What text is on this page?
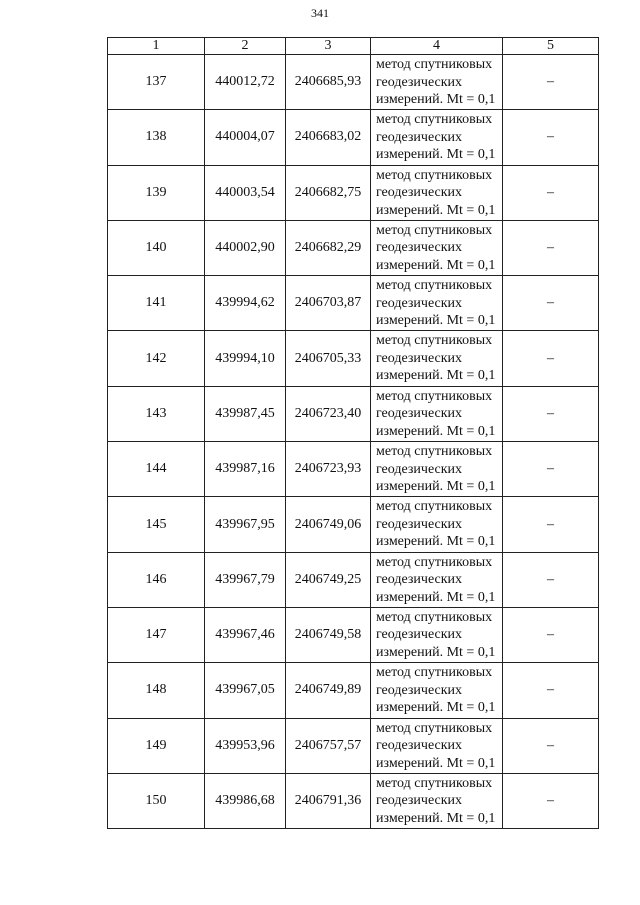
341
1	2	3	4	5
137	440012,72	2406685,93	метод спутниковых
геодезических
измерений. Mt = 0,1	–
138	440004,07	2406683,02	метод спутниковых
геодезических
измерений. Mt = 0,1	–
139	440003,54	2406682,75	метод спутниковых
геодезических
измерений. Mt = 0,1	–
140	440002,90	2406682,29	метод спутниковых
геодезических
измерений. Mt = 0,1	–
141	439994,62	2406703,87	метод спутниковых
геодезических
измерений. Mt = 0,1	–
142	439994,10	2406705,33	метод спутниковых
геодезических
измерений. Mt = 0,1	–
143	439987,45	2406723,40	метод спутниковых
геодезических
измерений. Mt = 0,1	–
144	439987,16	2406723,93	метод спутниковых
геодезических
измерений. Mt = 0,1	–
145	439967,95	2406749,06	метод спутниковых
геодезических
измерений. Mt = 0,1	–
146	439967,79	2406749,25	метод спутниковых
геодезических
измерений. Mt = 0,1	–
147	439967,46	2406749,58	метод спутниковых
геодезических
измерений. Mt = 0,1	–
148	439967,05	2406749,89	метод спутниковых
геодезических
измерений. Mt = 0,1	–
149	439953,96	2406757,57	метод спутниковых
геодезических
измерений. Mt = 0,1	–
150	439986,68	2406791,36	метод спутниковых
геодезических
измерений. Mt = 0,1	–
